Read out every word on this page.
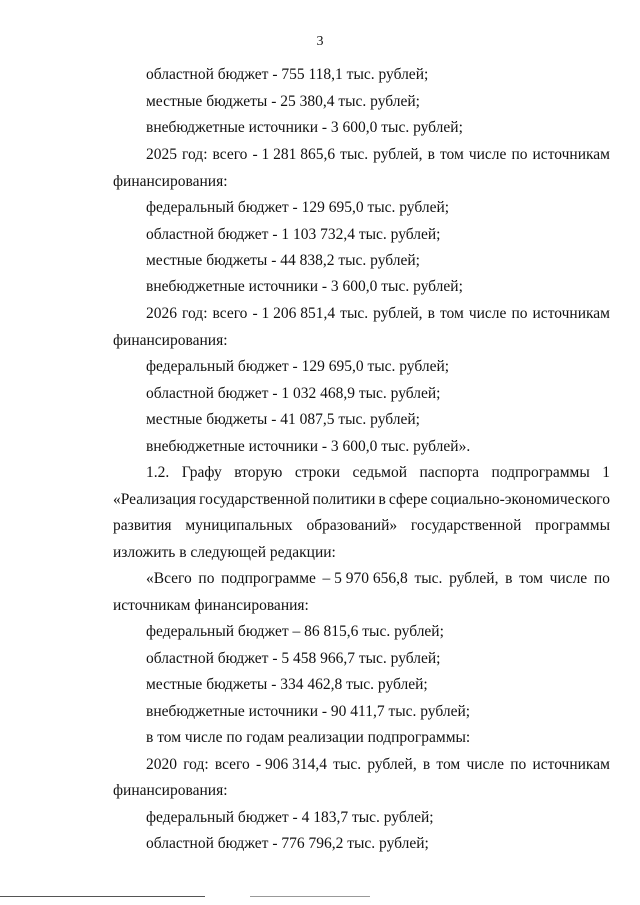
3
областной бюджет - 755 118,1 тыс. рублей;
местные бюджеты - 25 380,4 тыс. рублей;
внебюджетные источники - 3 600,0 тыс. рублей;
2025 год: всего - 1 281 865,6 тыс. рублей, в том числе по источникам
финансирования:
федеральный бюджет - 129 695,0 тыс. рублей;
областной бюджет - 1 103 732,4 тыс. рублей;
местные бюджеты - 44 838,2 тыс. рублей;
внебюджетные источники - 3 600,0 тыс. рублей;
2026 год: всего - 1 206 851,4 тыс. рублей, в том числе по источникам
финансирования:
федеральный бюджет - 129 695,0 тыс. рублей;
областной бюджет - 1 032 468,9 тыс. рублей;
местные бюджеты - 41 087,5 тыс. рублей;
внебюджетные источники - 3 600,0 тыс. рублей».
1.2. Графу вторую строки седьмой паспорта подпрограммы 1
«Реализация государственной политики в сфере социально-экономического
развития муниципальных образований» государственной программы
изложить в следующей редакции:
«Всего по подпрограмме – 5 970 656,8 тыс. рублей, в том числе по
источникам финансирования:
федеральный бюджет – 86 815,6 тыс. рублей;
областной бюджет - 5 458 966,7 тыс. рублей;
местные бюджеты - 334 462,8 тыс. рублей;
внебюджетные источники - 90 411,7 тыс. рублей;
в том числе по годам реализации подпрограммы:
2020 год: всего - 906 314,4 тыс. рублей, в том числе по источникам
финансирования:
федеральный бюджет - 4 183,7 тыс. рублей;
областной бюджет - 776 796,2 тыс. рублей;
